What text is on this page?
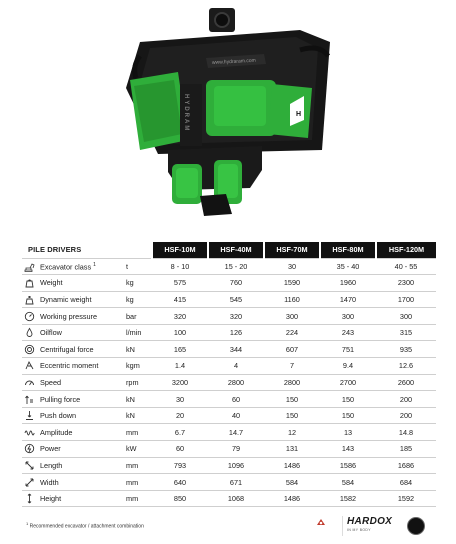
H
www.hydraram.com
HYDRAM
PILE DRIVERS			HSF-10M	HSF-40M	HSF-70M	HSF-80M	HSF-120M
	Excavator class $^1$	t	8 - 10	15 - 20	30	35 - 40	40 - 55
	Weight	kg	575	760	1590	1960	2300
	Dynamic weight	kg	415	545	1160	1470	1700
	Working pressure	bar	320	320	300	300	300
	Oilflow	l/min	100	126	224	243	315
	Centrifugal force	kN	165	344	607	751	935
	Eccentric moment	kgm	1.4	4	7	9.4	12.6
	Speed	rpm	3200	2800	2800	2700	2600
	Pulling force	kN	30	60	150	150	200
	Push down	kN	20	40	150	150	200
	Amplitude	mm	6.7	14.7	12	13	14.8
	Power	kW	60	79	131	143	185
	Length	mm	793	1096	1486	1586	1686
	Width	mm	640	671	584	584	684
	Height	mm	850	1068	1486	1582	1592
$^1$ Recommended excavator / attachment combination	HARDOX
IN MY BODY
